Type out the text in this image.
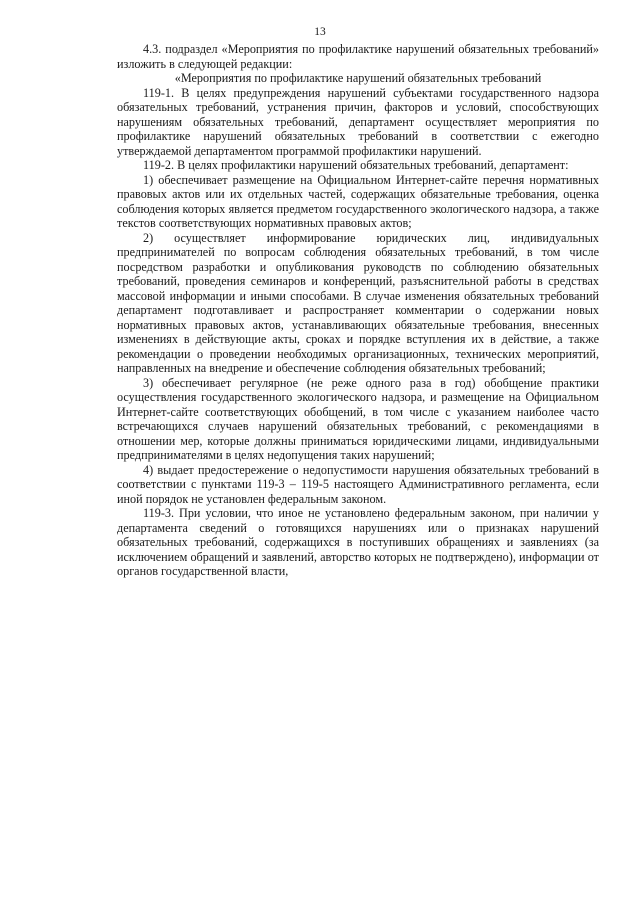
13

4.3. подраздел «Мероприятия по профилактике нарушений обязательных требований» изложить в следующей редакции:

«Мероприятия по профилактике нарушений обязательных требований

119-1. В целях предупреждения нарушений субъектами государственного надзора обязательных требований, устранения причин, факторов и условий, способствующих нарушениям обязательных требований, департамент осуществляет мероприятия по профилактике нарушений обязательных требований в соответствии с ежегодно утверждаемой департаментом программой профилактики нарушений.

119-2. В целях профилактики нарушений обязательных требований, департамент:

1) обеспечивает размещение на Официальном Интернет-сайте перечня нормативных правовых актов или их отдельных частей, содержащих обязательные требования, оценка соблюдения которых является предметом государственного экологического надзора, а также текстов соответствующих нормативных правовых актов;

2) осуществляет информирование юридических лиц, индивидуальных предпринимателей по вопросам соблюдения обязательных требований, в том числе посредством разработки и опубликования руководств по соблюдению обязательных требований, проведения семинаров и конференций, разъяснительной работы в средствах массовой информации и иными способами. В случае изменения обязательных требований департамент подготавливает и распространяет комментарии о содержании новых нормативных правовых актов, устанавливающих обязательные требования, внесенных изменениях в действующие акты, сроках и порядке вступления их в действие, а также рекомендации о проведении необходимых организационных, технических мероприятий, направленных на внедрение и обеспечение соблюдения обязательных требований;

3) обеспечивает регулярное (не реже одного раза в год) обобщение практики осуществления государственного экологического надзора, и размещение на Официальном Интернет-сайте соответствующих обобщений, в том числе с указанием наиболее часто встречающихся случаев нарушений обязательных требований, с рекомендациями в отношении мер, которые должны приниматься юридическими лицами, индивидуальными предпринимателями в целях недопущения таких нарушений;

4) выдает предостережение о недопустимости нарушения обязательных требований в соответствии с пунктами 119-3 – 119-5 настоящего Административного регламента, если иной порядок не установлен федеральным законом.

119-3. При условии, что иное не установлено федеральным законом, при наличии у департамента сведений о готовящихся нарушениях или о признаках нарушений обязательных требований, содержащихся в поступивших обращениях и заявлениях (за исключением обращений и заявлений, авторство которых не подтверждено), информации от органов государственной власти,
